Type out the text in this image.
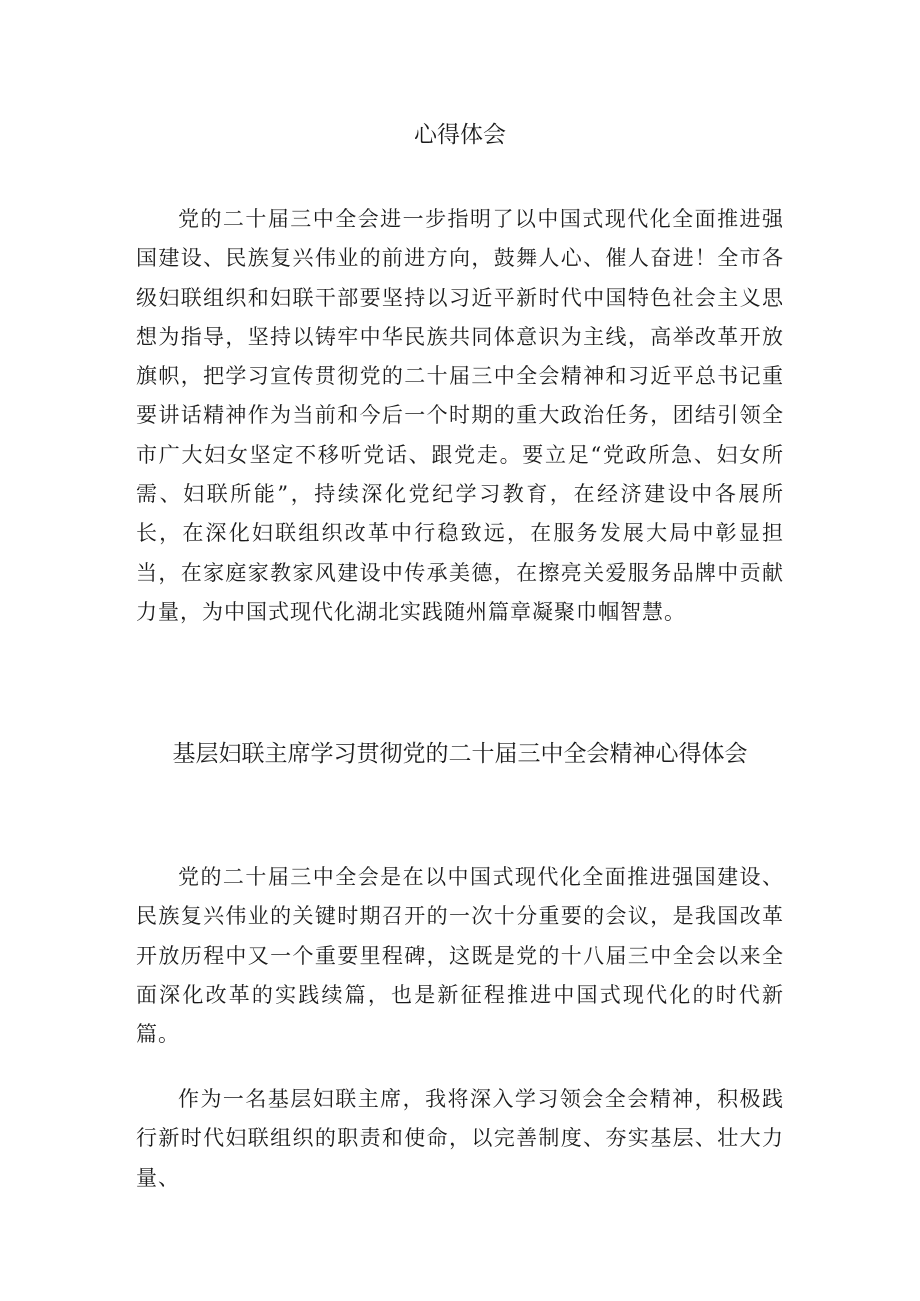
心得体会

党的二十届三中全会进一步指明了以中国式现代化全面推进强国建设、民族复兴伟业的前进方向，鼓舞人心、催人奋进！全市各级妇联组织和妇联干部要坚持以习近平新时代中国特色社会主义思想为指导，坚持以铸牢中华民族共同体意识为主线，高举改革开放旗帜，把学习宣传贯彻党的二十届三中全会精神和习近平总书记重要讲话精神作为当前和今后一个时期的重大政治任务，团结引领全市广大妇女坚定不移听党话、跟党走。要立足“党政所急、妇女所需、妇联所能”，持续深化党纪学习教育，在经济建设中各展所长，在深化妇联组织改革中行稳致远，在服务发展大局中彰显担当，在家庭家教家风建设中传承美德，在擦亮关爱服务品牌中贡献力量，为中国式现代化湖北实践随州篇章凝聚巾帼智慧。

基层妇联主席学习贯彻党的二十届三中全会精神心得体会

党的二十届三中全会是在以中国式现代化全面推进强国建设、民族复兴伟业的关键时期召开的一次十分重要的会议，是我国改革开放历程中又一个重要里程碑，这既是党的十八届三中全会以来全面深化改革的实践续篇，也是新征程推进中国式现代化的时代新篇。

作为一名基层妇联主席，我将深入学习领会全会精神，积极践行新时代妇联组织的职责和使命，以完善制度、夯实基层、壮大力量、
